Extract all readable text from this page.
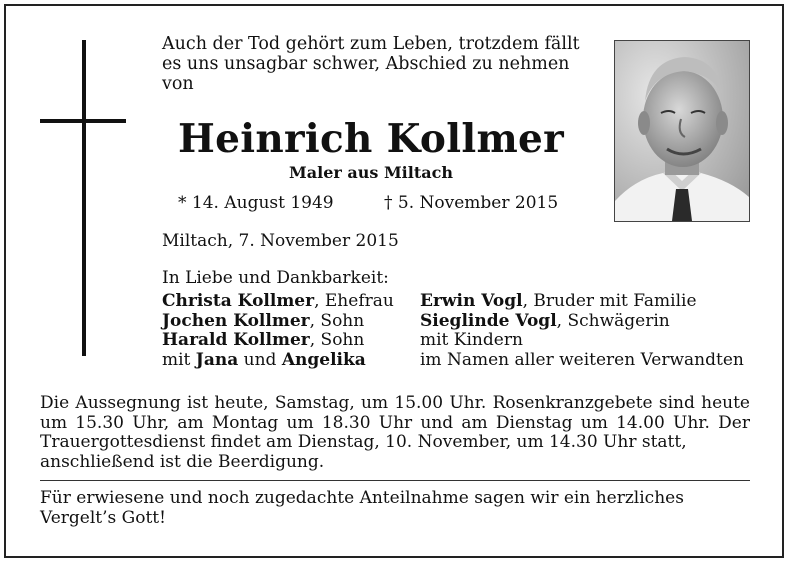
Auch der Tod gehört zum Leben, trotzdem fällt
es uns unsagbar schwer, Abschied zu nehmen
von
Heinrich Kollmer
Maler aus Miltach
* 14. August 1949	† 5. November 2015
Miltach, 7. November 2015
In Liebe und Dankbarkeit:
Christa Kollmer, Ehefrau
Jochen Kollmer, Sohn
Harald Kollmer, Sohn
mit Jana und Angelika
Erwin Vogl, Bruder mit Familie
Sieglinde Vogl, Schwägerin
mit Kindern
im Namen aller weiteren Verwandten
Die Aussegnung ist heute, Samstag, um 15.00 Uhr. Rosenkranzgebete sind heute um 15.30 Uhr, am Montag um 18.30 Uhr und am Dienstag um 14.00 Uhr. Der Trauergottesdienst findet am Dienstag, 10. November, um 14.30 Uhr statt,
anschließend ist die Beerdigung.
Für erwiesene und noch zugedachte Anteilnahme sagen wir ein herzliches
Vergelt’s Gott!
